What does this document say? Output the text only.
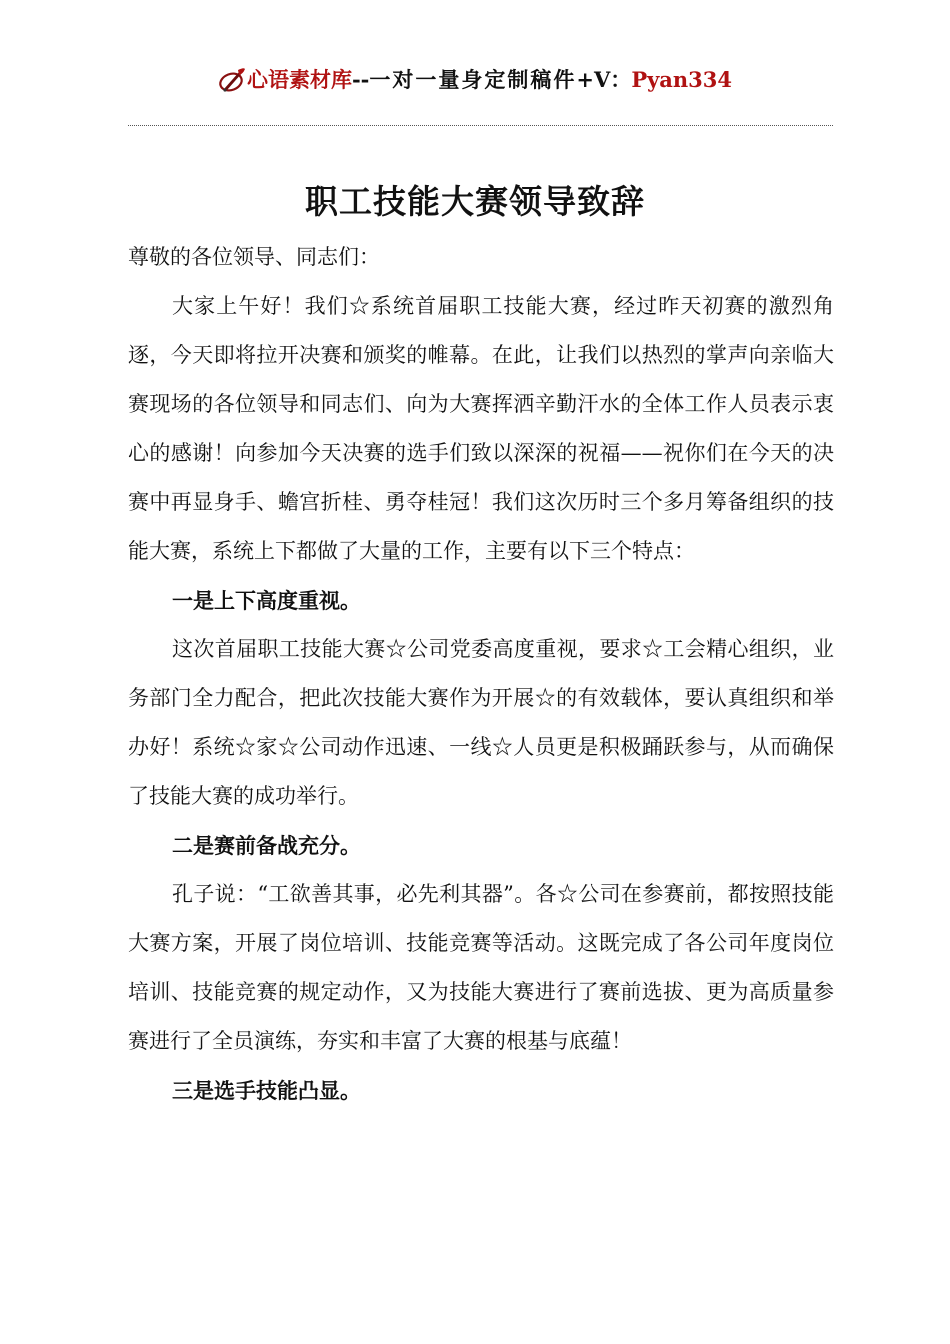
心语素材库--一对一量身定制稿件+V：Pyan334
职工技能大赛领导致辞

尊敬的各位领导、同志们：

大家上午好！我们☆系统首届职工技能大赛，经过昨天初赛的激烈角逐，今天即将拉开决赛和颁奖的帷幕。在此，让我们以热烈的掌声向亲临大赛现场的各位领导和同志们、向为大赛挥洒辛勤汗水的全体工作人员表示衷心的感谢！向参加今天决赛的选手们致以深深的祝福——祝你们在今天的决赛中再显身手、蟾宫折桂、勇夺桂冠！我们这次历时三个多月筹备组织的技能大赛，系统上下都做了大量的工作，主要有以下三个特点：

一是上下高度重视。

这次首届职工技能大赛☆公司党委高度重视，要求☆工会精心组织，业务部门全力配合，把此次技能大赛作为开展☆的有效载体，要认真组织和举办好！系统☆家☆公司动作迅速、一线☆人员更是积极踊跃参与，从而确保了技能大赛的成功举行。

二是赛前备战充分。

孔子说：“工欲善其事，必先利其器”。各☆公司在参赛前，都按照技能大赛方案，开展了岗位培训、技能竞赛等活动。这既完成了各公司年度岗位培训、技能竞赛的规定动作，又为技能大赛进行了赛前选拔、更为高质量参赛进行了全员演练，夯实和丰富了大赛的根基与底蕴！

三是选手技能凸显。
